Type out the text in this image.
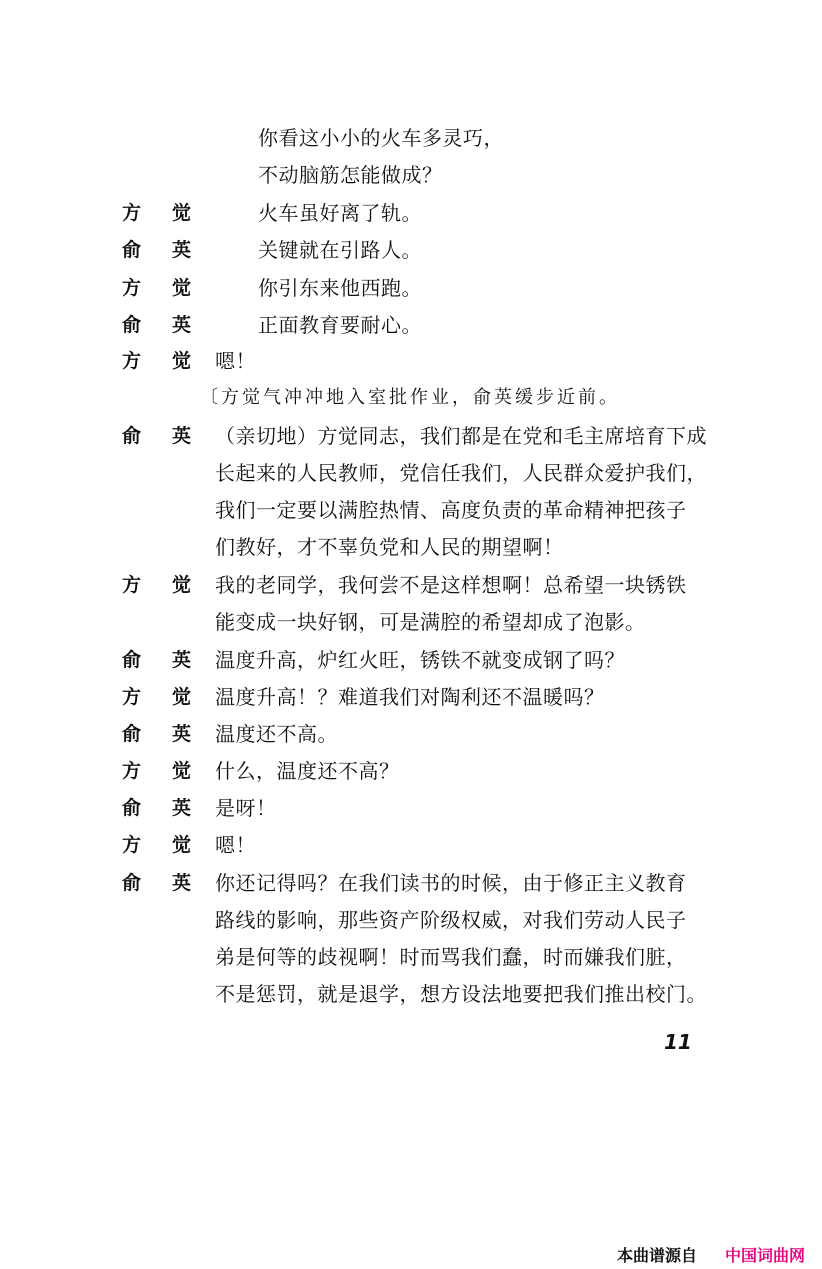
你看这小小的火车多灵巧，
不动脑筋怎能做成？
方 觉	火车虽好离了轨。
俞 英	关键就在引路人。
方 觉	你引东来他西跑。
俞 英	正面教育要耐心。
方 觉 嗯！
〔方觉气冲冲地入室批作业，俞英缓步近前。
俞 英 （亲切地）方觉同志，我们都是在党和毛主席培育下成
长起来的人民教师，党信任我们，人民群众爱护我们，
我们一定要以满腔热情、高度负责的革命精神把孩子
们教好，才不辜负党和人民的期望啊！
方 觉 我的老同学，我何尝不是这样想啊！总希望一块锈铁
能变成一块好钢，可是满腔的希望却成了泡影。
俞 英 温度升高，炉红火旺，锈铁不就变成钢了吗？
方 觉 温度升高！？难道我们对陶利还不温暖吗？
俞 英 温度还不高。
方 觉 什么，温度还不高？
俞 英 是呀！
方 觉 嗯！
俞 英 你还记得吗？在我们读书的时候，由于修正主义教育
路线的影响，那些资产阶级权威，对我们劳动人民子
弟是何等的歧视啊！时而骂我们蠢，时而嫌我们脏，
不是惩罚，就是退学，想方设法地要把我们推出校门。
11
本曲谱源自 中国词曲网
